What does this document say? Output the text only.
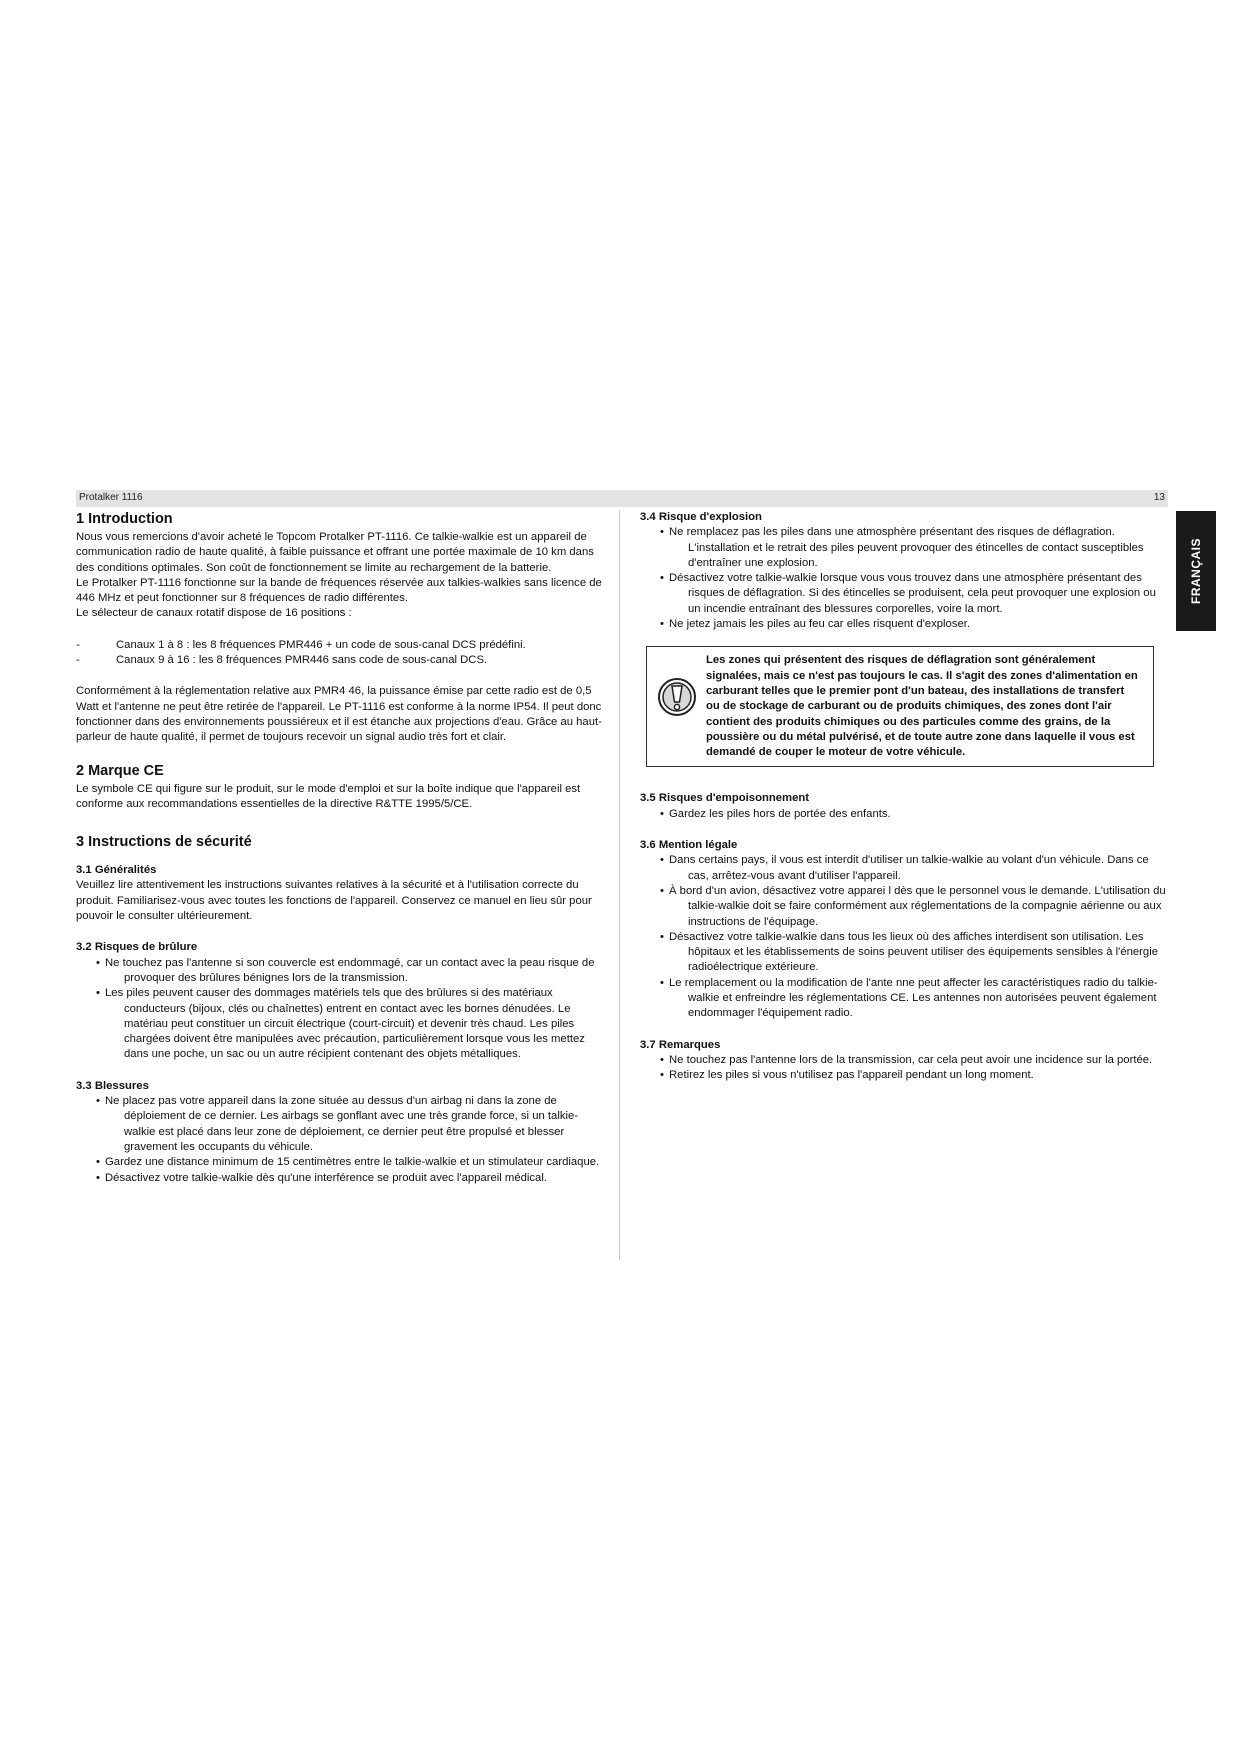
Protalker 1116	13
FRANÇAIS
1 Introduction

Nous vous remercions d'avoir acheté le Topcom Protalker PT-1116. Ce talkie-walkie est un appareil de communication radio de haute qualité, à faible puissance et offrant une portée maximale de 10 km dans des conditions optimales. Son coût de fonctionnement se limite au rechargement de la batterie.

Le Protalker PT-1116 fonctionne sur la bande de fréquences réservée aux talkies-walkies sans licence de 446 MHz et peut fonctionner sur 8 fréquences de radio différentes.

Le sélecteur de canaux rotatif dispose de 16 positions :

-	Canaux 1 à 8 : les 8 fréquences PMR446 + un code de sous-canal DCS prédéfini.
-	Canaux 9 à 16 : les 8 fréquences PMR446 sans code de sous-canal DCS.

Conformément à la réglementation relative aux PMR4 46, la puissance émise par cette radio est de 0,5 Watt et l'antenne ne peut être retirée de l'appareil. Le PT-1116 est conforme à la norme IP54. Il peut donc fonctionner dans des environnements poussiéreux et il est étanche aux projections d'eau. Grâce au haut-parleur de haute qualité, il permet de toujours recevoir un signal audio très fort et clair.

2 Marque CE

Le symbole CE qui figure sur le produit, sur le mode d'emploi et sur la boîte indique que l'appareil est conforme aux recommandations essentielles de la directive R&TTE 1995/5/CE.

3 Instructions de sécurité
3.1 Généralités

Veuillez lire attentivement les instructions suivantes relatives à la sécurité et à l'utilisation correcte du produit. Familiarisez-vous avec toutes les fonctions de l'appareil. Conservez ce manuel en lieu sûr pour pouvoir le consulter ultérieurement.

3.2 Risques de brûlure
• Ne touchez pas l'antenne si son couvercle est endommagé, car un contact avec la peau risque de provoquer des brûlures bénignes lors de la transmission.
• Les piles peuvent causer des dommages matériels tels que des brûlures si des matériaux conducteurs (bijoux, clés ou chaînettes) entrent en contact avec les bornes dénudées. Le matériau peut constituer un circuit électrique (court-circuit) et devenir très chaud. Les piles chargées doivent être manipulées avec précaution, particulièrement lorsque vous les mettez dans une poche, un sac ou un autre récipient contenant des objets métalliques.
3.3 Blessures
• Ne placez pas votre appareil dans la zone située au dessus d'un airbag ni dans la zone de déploiement de ce dernier. Les airbags se gonflant avec une très grande force, si un talkie-walkie est placé dans leur zone de déploiement, ce dernier peut être propulsé et blesser gravement les occupants du véhicule.
• Gardez une distance minimum de 15 centimètres entre le talkie-walkie et un stimulateur cardiaque.
• Désactivez votre talkie-walkie dès qu'une interférence se produit avec l'appareil médical.
3.4 Risque d'explosion
• Ne remplacez pas les piles dans une atmosphère présentant des risques de déflagration. L'installation et le retrait des piles peuvent provoquer des étincelles de contact susceptibles d'entraîner une explosion.
• Désactivez votre talkie-walkie lorsque vous vous trouvez dans une atmosphère présentant des risques de déflagration. Si des étincelles se produisent, cela peut provoquer une explosion ou un incendie entraînant des blessures corporelles, voire la mort.
• Ne jetez jamais les piles au feu car elles risquent d'exploser.
Les zones qui présentent des risques de déflagration sont généralement signalées, mais ce n'est pas toujours le cas. Il s'agit des zones d'alimentation en carburant telles que le premier pont d'un bateau, des installations de transfert ou de stockage de carburant ou de produits chimiques, des zones dont l'air contient des produits chimiques ou des particules comme des grains, de la poussière ou du métal pulvérisé, et de toute autre zone dans laquelle il vous est demandé de couper le moteur de votre véhicule.
3.5 Risques d'empoisonnement
• Gardez les piles hors de portée des enfants.
3.6 Mention légale
• Dans certains pays, il vous est interdit d'utiliser un talkie-walkie au volant d'un véhicule. Dans ce cas, arrêtez-vous avant d'utiliser l'appareil.
• À bord d'un avion, désactivez votre apparei l dès que le personnel vous le demande. L'utilisation du talkie-walkie doit se faire conformément aux réglementations de la compagnie aérienne ou aux instructions de l'équipage.
• Désactivez votre talkie-walkie dans tous les lieux où des affiches interdisent son utilisation. Les hôpitaux et les établissements de soins peuvent utiliser des équipements sensibles à l'énergie radioélectrique extérieure.
• Le remplacement ou la modification de l'ante nne peut affecter les caractéristiques radio du talkie-walkie et enfreindre les réglementations CE. Les antennes non autorisées peuvent également endommager l'équipement radio.
3.7 Remarques
• Ne touchez pas l'antenne lors de la transmission, car cela peut avoir une incidence sur la portée.
• Retirez les piles si vous n'utilisez pas l'appareil pendant un long moment.
